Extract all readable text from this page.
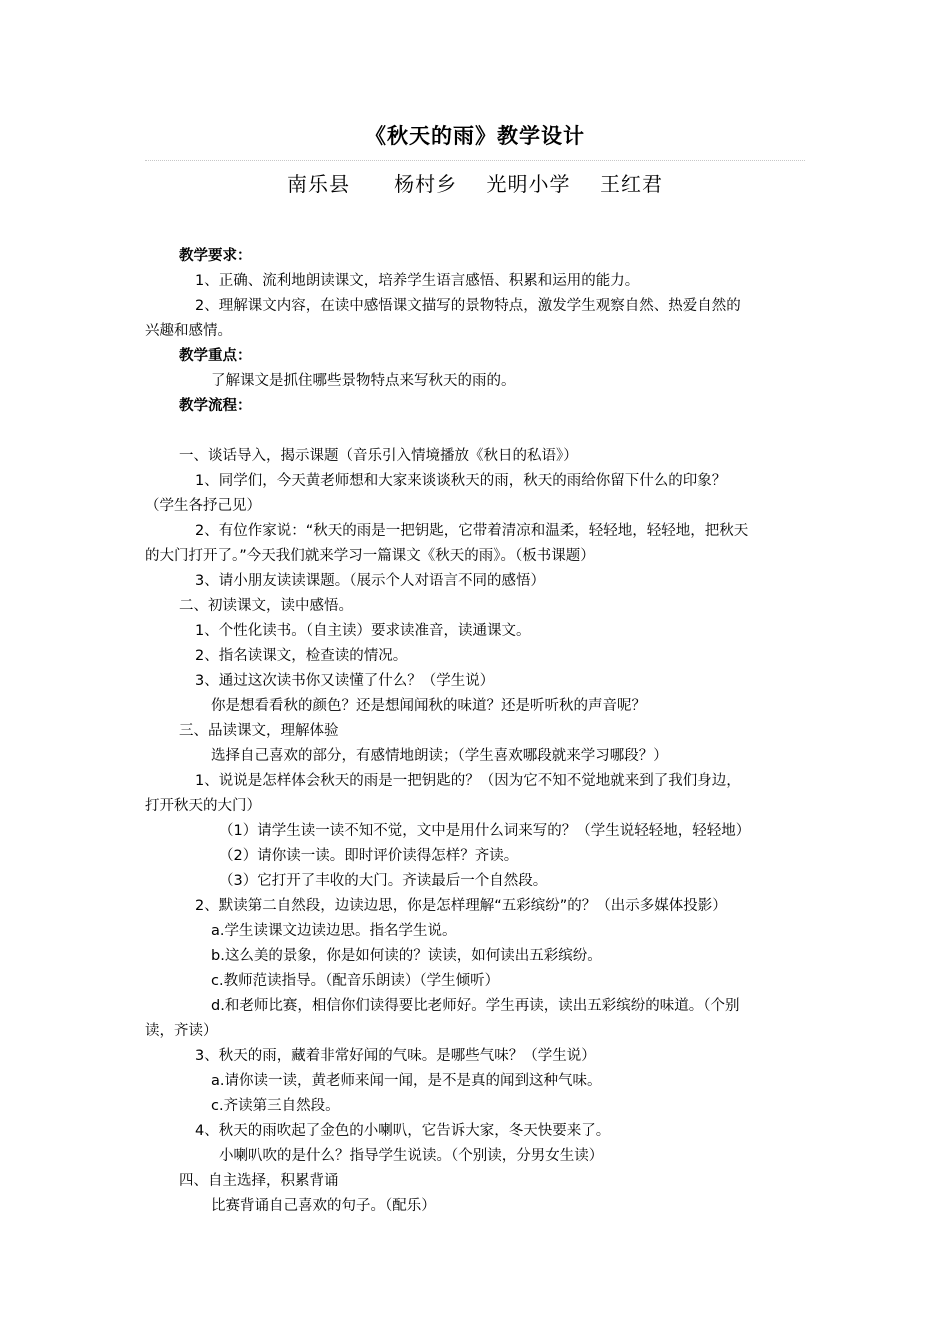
《秋天的雨》教学设计
南乐县      杨村乡    光明小学    王红君
教学要求：
1、正确、流利地朗读课文，培养学生语言感悟、积累和运用的能力。
2、理解课文内容，在读中感悟课文描写的景物特点，激发学生观察自然、热爱自然的
兴趣和感情。
教学重点：
了解课文是抓住哪些景物特点来写秋天的雨的。
教学流程：
一、谈话导入，揭示课题（音乐引入情境播放《秋日的私语》）
1、同学们，今天黄老师想和大家来谈谈秋天的雨，秋天的雨给你留下什么的印象？
（学生各抒己见）
2、有位作家说：“秋天的雨是一把钥匙，它带着清凉和温柔，轻轻地，轻轻地，把秋天
的大门打开了。”今天我们就来学习一篇课文《秋天的雨》。（板书课题）
3、请小朋友读读课题。（展示个人对语言不同的感悟）
二、初读课文，读中感悟。
1、个性化读书。（自主读）要求读准音，读通课文。
2、指名读课文，检查读的情况。
3、通过这次读书你又读懂了什么？（学生说）
你是想看看秋的颜色？还是想闻闻秋的味道？还是听听秋的声音呢？
三、品读课文，理解体验
选择自己喜欢的部分，有感情地朗读；（学生喜欢哪段就来学习哪段？）
1、说说是怎样体会秋天的雨是一把钥匙的？（因为它不知不觉地就来到了我们身边，
打开秋天的大门）
（1）请学生读一读不知不觉，文中是用什么词来写的？（学生说轻轻地，轻轻地）
（2）请你读一读。即时评价读得怎样？齐读。
（3）它打开了丰收的大门。齐读最后一个自然段。
2、默读第二自然段，边读边思，你是怎样理解“五彩缤纷”的？（出示多媒体投影）
a.学生读课文边读边思。指名学生说。
b.这么美的景象，你是如何读的？读读，如何读出五彩缤纷。
c.教师范读指导。（配音乐朗读）（学生倾听）
d.和老师比赛，相信你们读得要比老师好。学生再读，读出五彩缤纷的味道。（个别
读，齐读）
3、秋天的雨，藏着非常好闻的气味。是哪些气味？（学生说）
a.请你读一读，黄老师来闻一闻，是不是真的闻到这种气味。
c.齐读第三自然段。
4、秋天的雨吹起了金色的小喇叭，它告诉大家，冬天快要来了。
小喇叭吹的是什么？指导学生说读。（个别读，分男女生读）
四、自主选择，积累背诵
比赛背诵自己喜欢的句子。（配乐）
